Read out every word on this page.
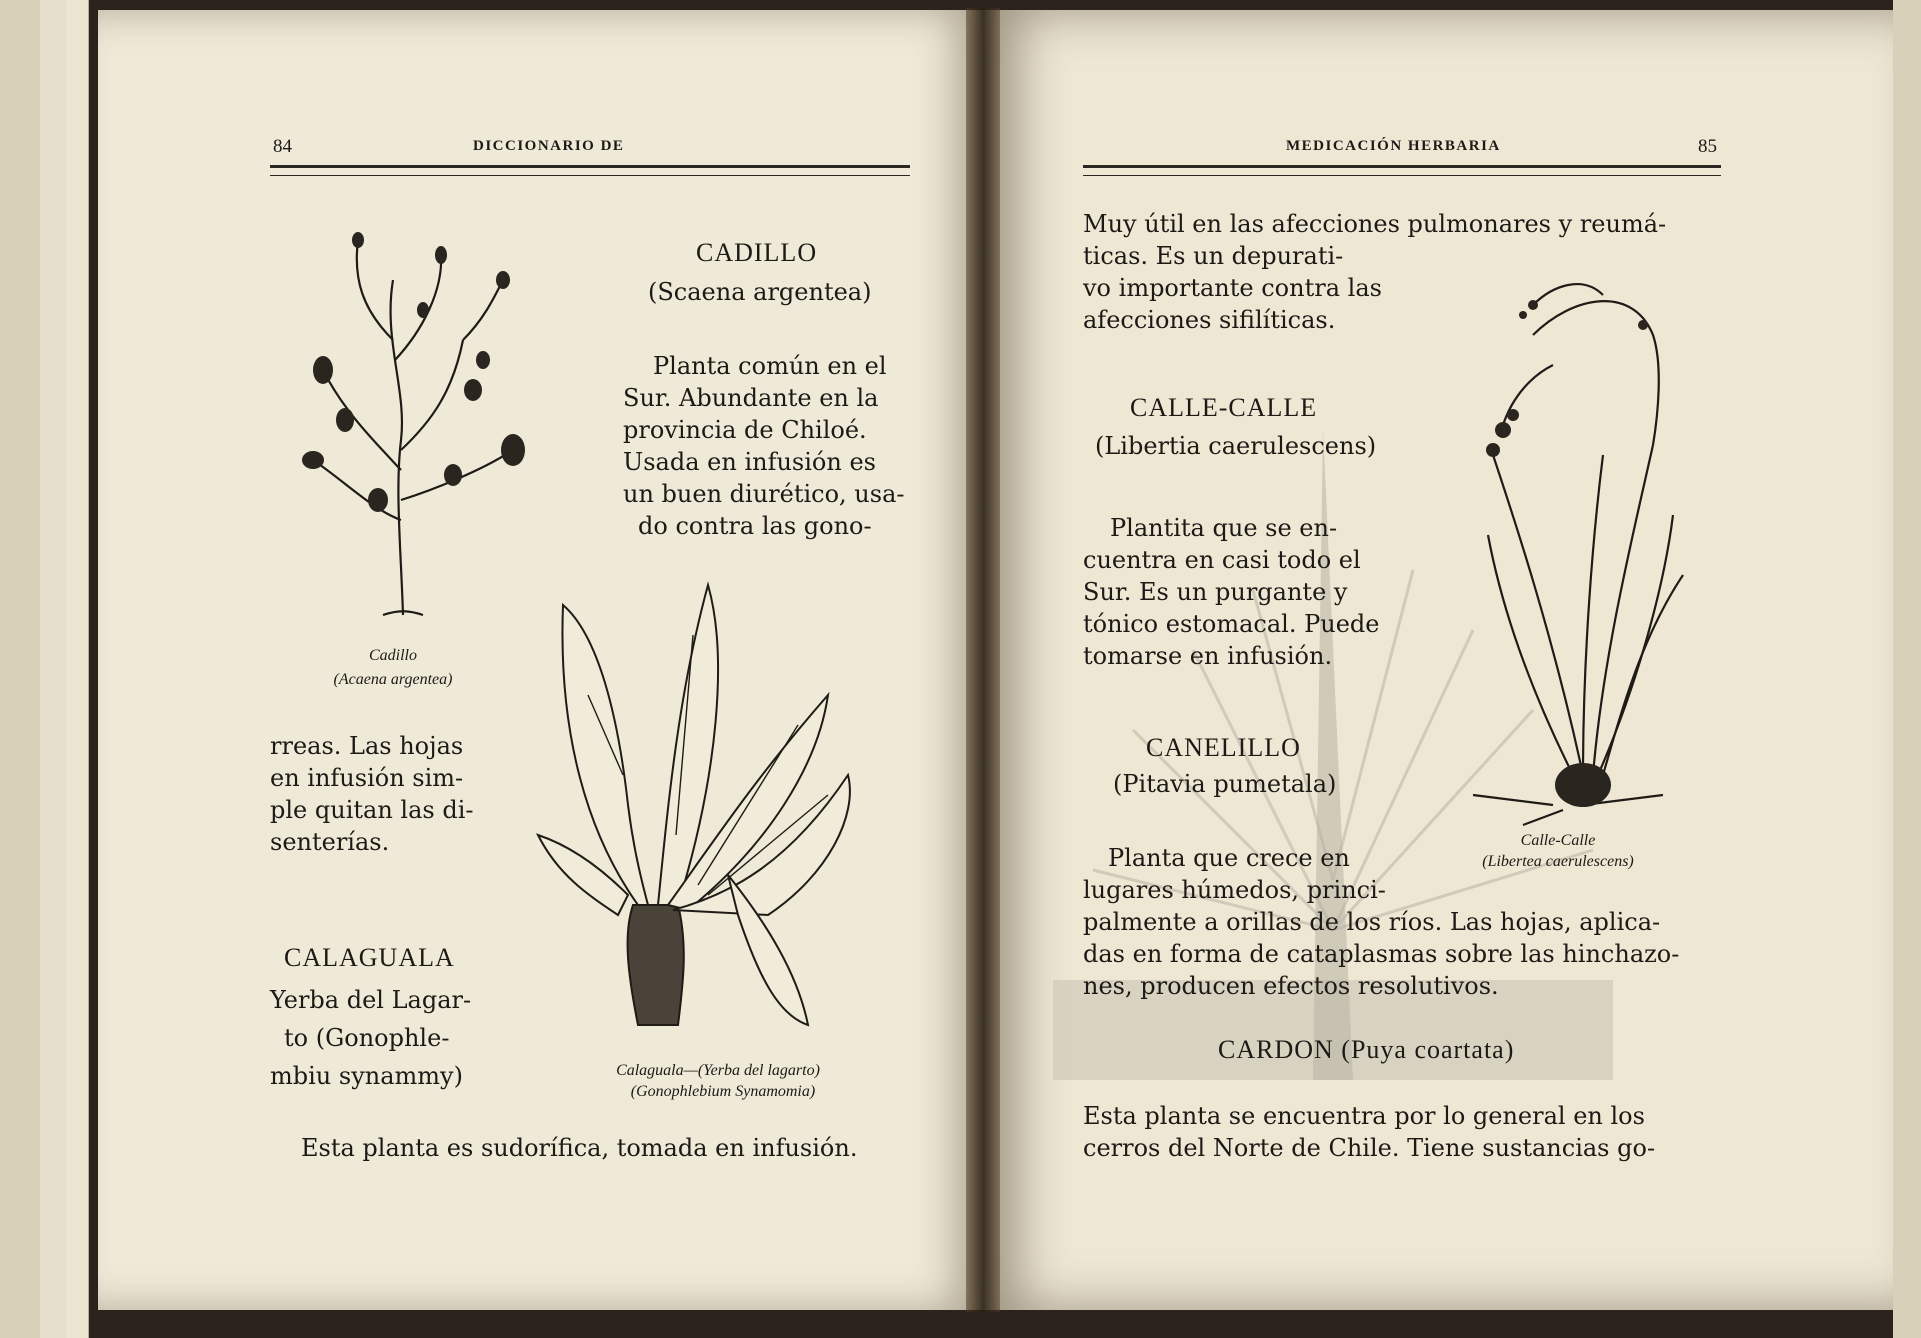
84	DICCIONARIO DE
Cadillo
(Acaena argentea)
CADILLO
(Scaena argentea)
Planta común en el
Sur. Abundante en la
provincia de Chiloé.
Usada en infusión es
un buen diurético, usa-
do contra las gono-
rreas. Las hojas
en infusión sim-
ple quitan las di-
senterías.
Calaguala—(Yerba del lagarto)
(Gonophlebium Synamomia)
CALAGUALA
Yerba del Lagar-
to (Gonophle-
mbiu synammy)
Esta planta es sudorífica, tomada en infusión.
MEDICACIÓN HERBARIA	85
Muy útil en las afecciones pulmonares y reumá-
ticas. Es un depurati-
vo importante contra las
afecciones sifilíticas.
CALLE-CALLE
(Libertia caerulescens)
Plantita que se en-
cuentra en casi todo el
Sur. Es un purgante y
tónico estomacal. Puede
tomarse en infusión.
Calle-Calle
(Libertea caerulescens)
CANELILLO
(Pitavia pumetala)
Planta que crece en
lugares húmedos, princi-
palmente a orillas de los ríos. Las hojas, aplica-
das en forma de cataplasmas sobre las hinchazo-
nes, producen efectos resolutivos.
CARDON (Puya coartata)
Esta planta se encuentra por lo general en los
cerros del Norte de Chile. Tiene sustancias go-
